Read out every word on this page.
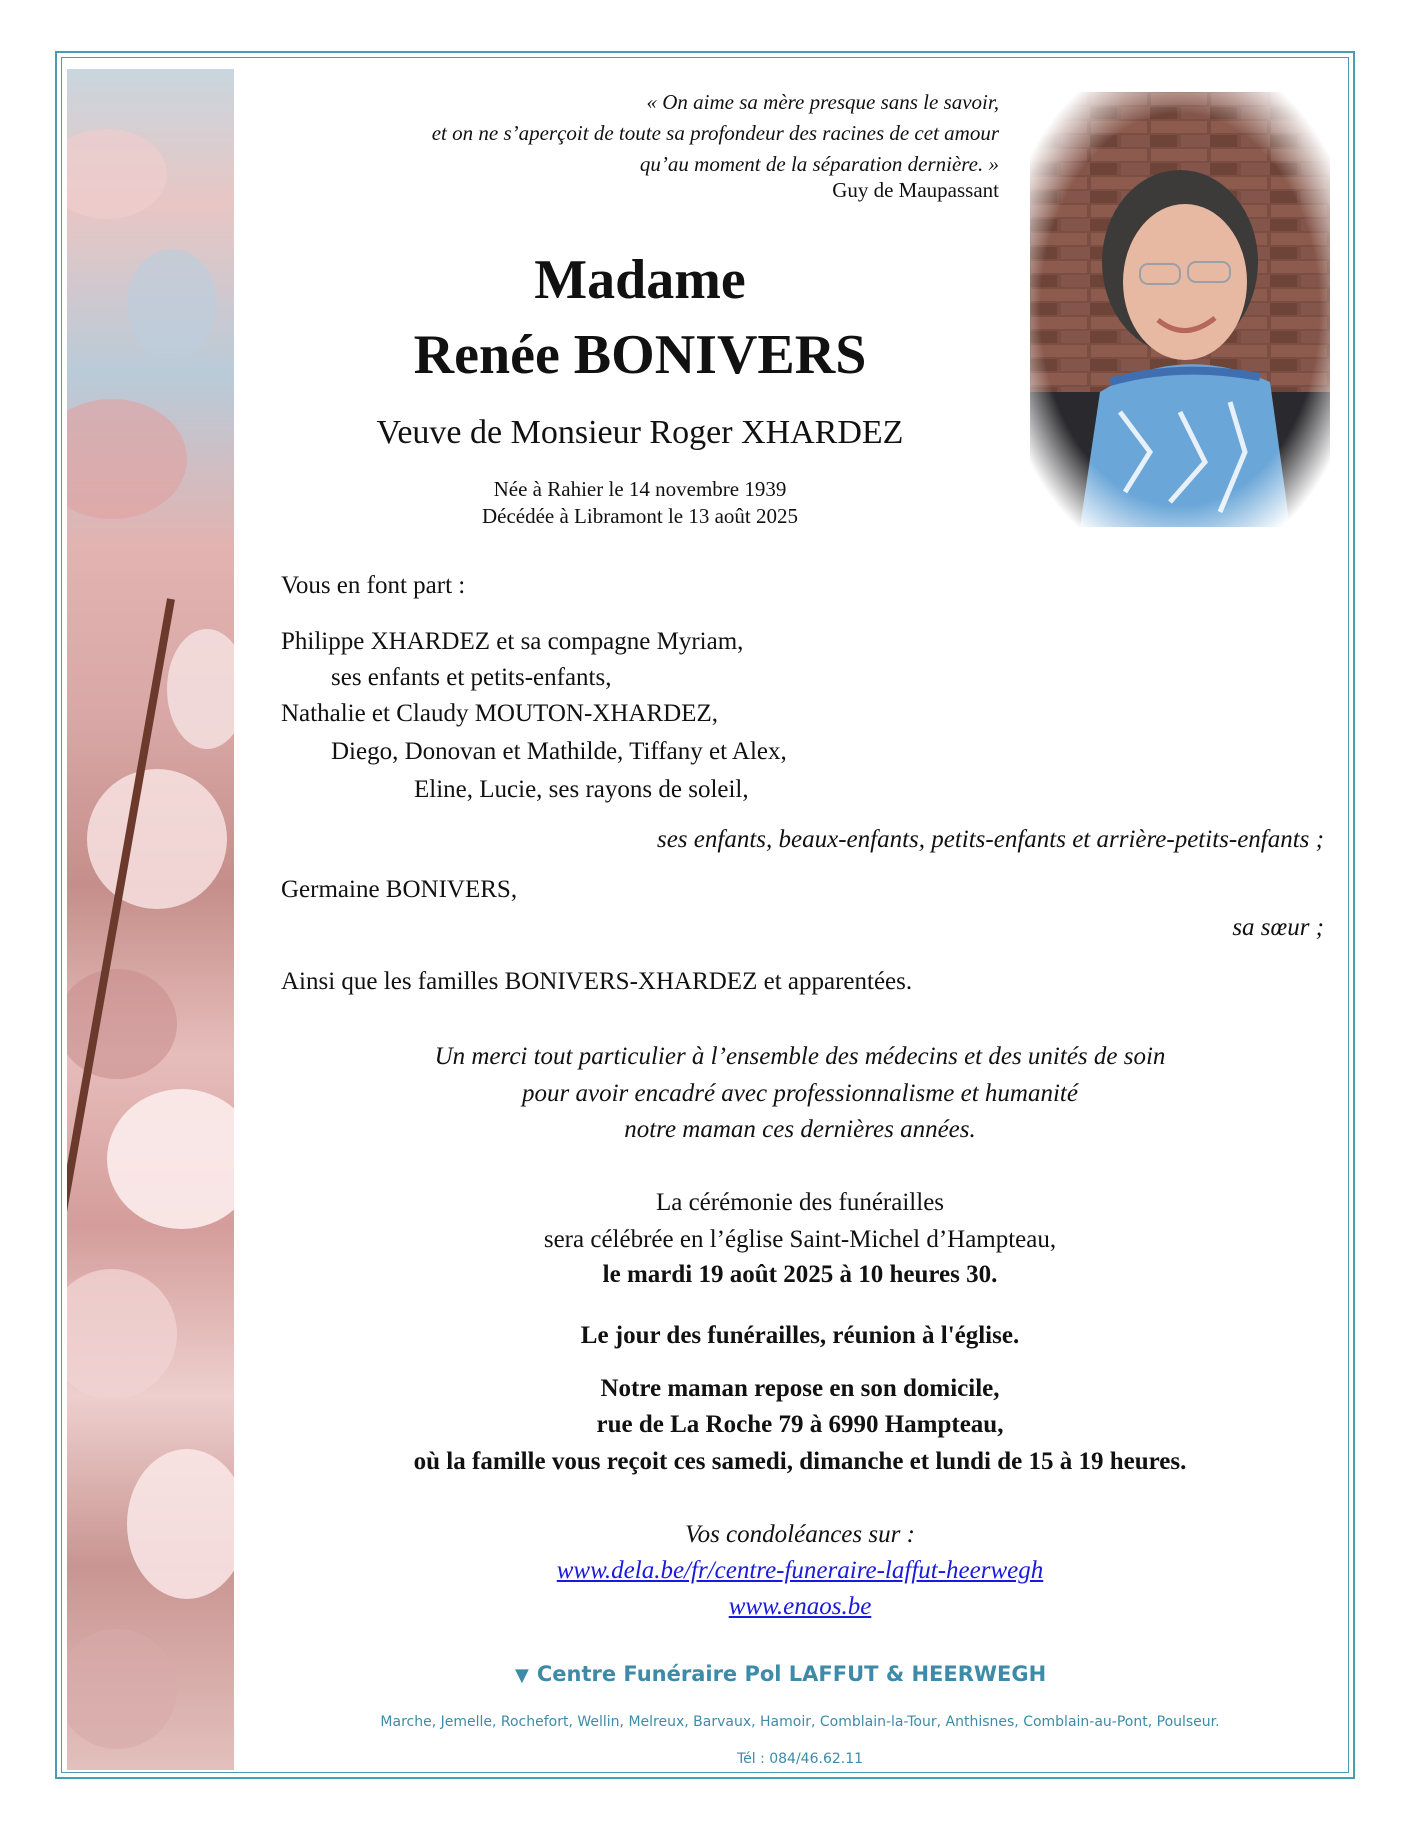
« On aime sa mère presque sans le savoir,
et on ne s’aperçoit de toute sa profondeur des racines de cet amour
qu’au moment de la séparation dernière. »
Guy de Maupassant
Madame
Renée BONIVERS
Veuve de Monsieur Roger XHARDEZ
Née à Rahier le 14 novembre 1939
Décédée à Libramont le 13 août 2025
Vous en font part :
Philippe XHARDEZ et sa compagne Myriam,
ses enfants et petits-enfants,
Nathalie et Claudy MOUTON-XHARDEZ,
Diego, Donovan et Mathilde, Tiffany et Alex,
Eline, Lucie, ses rayons de soleil,
ses enfants, beaux-enfants, petits-enfants et arrière-petits-enfants ;
Germaine BONIVERS,
sa sœur ;
Ainsi que les familles BONIVERS-XHARDEZ et apparentées.
Un merci tout particulier à l’ensemble des médecins et des unités de soin
pour avoir encadré avec professionnalisme et humanité
notre maman ces dernières années.
La cérémonie des funérailles
sera célébrée en l’église Saint-Michel d’Hampteau,
le mardi 19 août 2025 à 10 heures 30.
Le jour des funérailles, réunion à l'église.
Notre maman repose en son domicile,
rue de La Roche 79 à 6990 Hampteau,
où la famille vous reçoit ces samedi, dimanche et lundi de 15 à 19 heures.
Vos condoléances sur :
www.dela.be/fr/centre-funeraire-laffut-heerwegh
www.enaos.be
▼ Centre Funéraire Pol LAFFUT & HEERWEGH
Marche, Jemelle, Rochefort, Wellin, Melreux, Barvaux, Hamoir, Comblain-la-Tour, Anthisnes, Comblain-au-Pont, Poulseur.
Tél : 084/46.62.11
